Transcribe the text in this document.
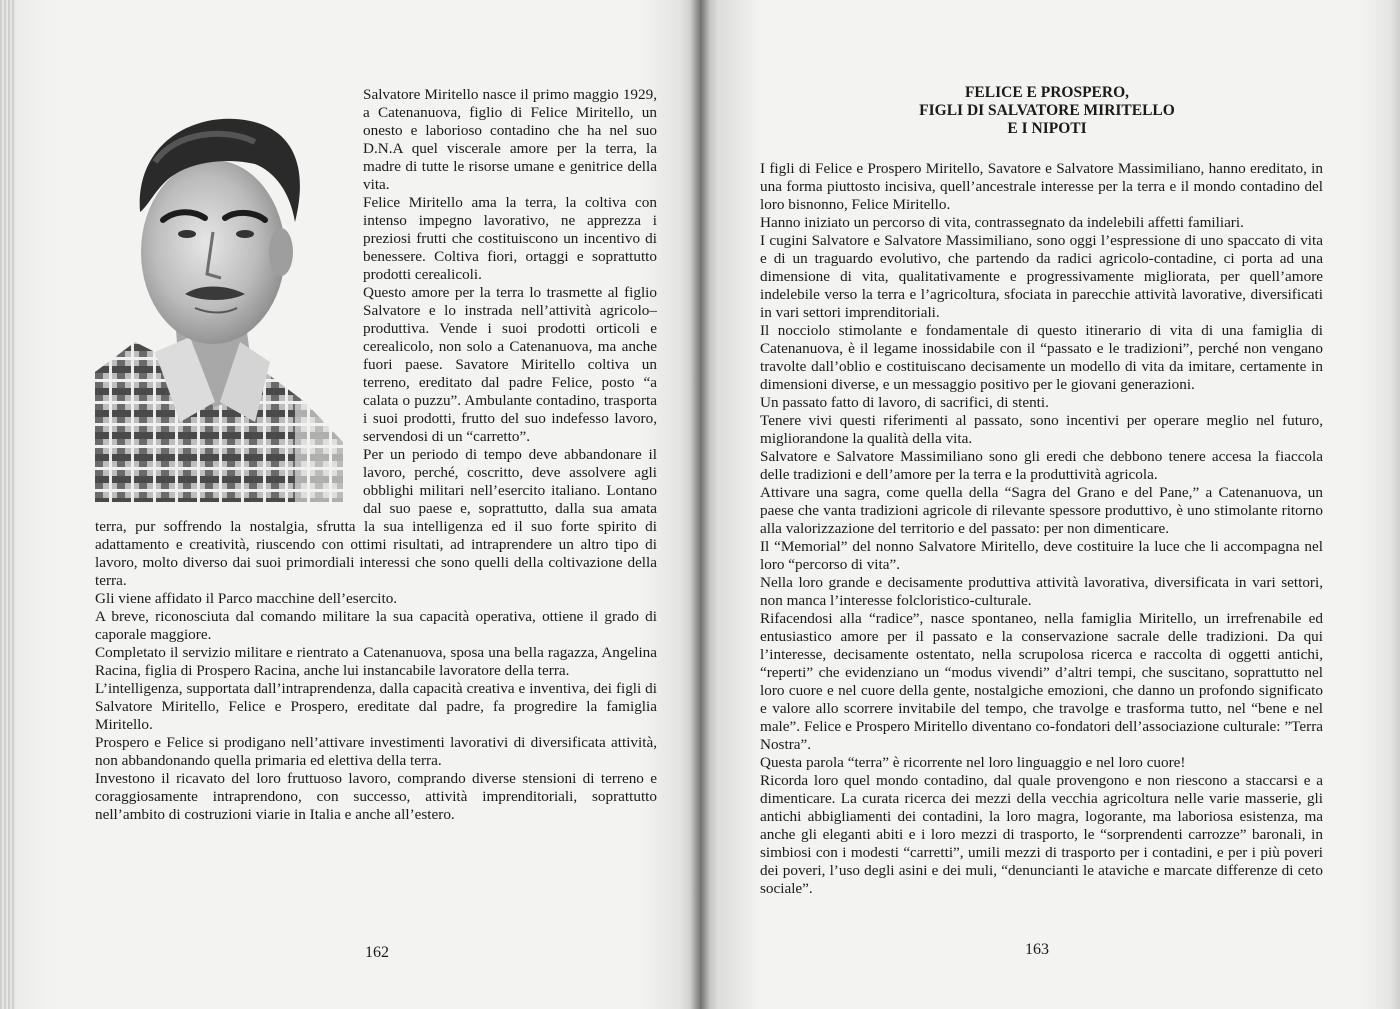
Salvatore Miritello nasce il primo maggio 1929, a Catenanuova, figlio di Felice Miritello, un onesto e laborioso contadino che ha nel suo D.N.A quel viscerale amore per la terra, la madre di tutte le risorse umane e genitrice della vita.

Felice Miritello ama la terra, la coltiva con intenso impegno lavorativo, ne apprezza i preziosi frutti che costituiscono un incentivo di benessere. Coltiva fiori, ortaggi e soprattutto prodotti cerealicoli.

Questo amore per la terra lo trasmette al figlio Salvatore e lo instrada nell’attività agricolo–produttiva. Vende i suoi prodotti orticoli e cerealicolo, non solo a Catenanuova, ma anche fuori paese. Savatore Miritello coltiva un terreno, ereditato dal padre Felice, posto “a calata o puzzu”. Ambulante contadino, trasporta i suoi prodotti, frutto del suo indefesso lavoro, servendosi di un “carretto”.

Per un periodo di tempo deve abbandonare il lavoro, perché, coscritto, deve assolvere agli obblighi militari nell’esercito italiano. Lontano dal suo paese e, soprattutto, dalla sua amata terra, pur soffrendo la nostalgia, sfrutta la sua intelligenza ed il suo forte spirito di adattamento e creatività, riuscendo con ottimi risultati, ad intraprendere un altro tipo di lavoro, molto diverso dai suoi primordiali interessi che sono quelli della coltivazione della terra.

Gli viene affidato il Parco macchine dell’esercito.

A breve, riconosciuta dal comando militare la sua capacità operativa, ottiene il grado di caporale maggiore.

Completato il servizio militare e rientrato a Catenanuova, sposa una bella ragazza, Angelina Racina, figlia di Prospero Racina, anche lui instancabile lavoratore della terra.

L’intelligenza, supportata dall’intraprendenza, dalla capacità creativa e inventiva, dei figli di Salvatore Miritello, Felice e Prospero, ereditate dal padre, fa progredire la famiglia Miritello.

Prospero e Felice si prodigano nell’attivare investimenti lavorativi di diversificata attività, non abbandonando quella primaria ed elettiva della terra.

Investono il ricavato del loro fruttuoso lavoro, comprando diverse stensioni di terreno e coraggiosamente intraprendono, con successo, attività imprenditoriali, soprattutto nell’ambito di costruzioni viarie in Italia e anche all’estero.

162
FELICE E PROSPERO,
FIGLI DI SALVATORE MIRITELLO
E I NIPOTI

I figli di Felice e Prospero Miritello, Savatore e Salvatore Massimiliano, hanno ereditato, in una forma piuttosto incisiva, quell’ancestrale interesse per la terra e il mondo contadino del loro bisnonno, Felice Miritello.

Hanno iniziato un percorso di vita, contrassegnato da indelebili affetti familiari.

I cugini Salvatore e Salvatore Massimiliano, sono oggi l’espressione di uno spaccato di vita e di un traguardo evolutivo, che partendo da radici agricolo-contadine, ci porta ad una dimensione di vita, qualitativamente e progressivamente migliorata, per quell’amore indelebile verso la terra e l’agricoltura, sfociata in parecchie attività lavorative, diversificati in vari settori imprenditoriali.

Il nocciolo stimolante e fondamentale di questo itinerario di vita di una famiglia di Catenanuova, è il legame inossidabile con il “passato e le tradizioni”, perché non vengano travolte dall’oblio e costituiscano decisamente un modello di vita da imitare, certamente in dimensioni diverse, e un messaggio positivo per le giovani generazioni.

Un passato fatto di lavoro, di sacrifici, di stenti.

Tenere vivi questi riferimenti al passato, sono incentivi per operare meglio nel futuro, migliorandone la qualità della vita.

Salvatore e Salvatore Massimiliano sono gli eredi che debbono tenere accesa la fiaccola delle tradizioni e dell’amore per la terra e la produttività agricola.

Attivare una sagra, come quella della “Sagra del Grano e del Pane,” a Catenanuova, un paese che vanta tradizioni agricole di rilevante spessore produttivo, è uno stimolante ritorno alla valorizzazione del territorio e del passato: per non dimenticare.

Il “Memorial” del nonno Salvatore Miritello, deve costituire la luce che li accompagna nel loro “percorso di vita”.

Nella loro grande e decisamente produttiva attività lavorativa, diversificata in vari settori, non manca l’interesse folcloristico-culturale.

Rifacendosi alla “radice”, nasce spontaneo, nella famiglia Miritello, un irrefrenabile ed entusiastico amore per il passato e la conservazione sacrale delle tradizioni. Da qui l’interesse, decisamente ostentato, nella scrupolosa ricerca e raccolta di oggetti antichi, “reperti” che evidenziano un “modus vivendi” d’altri tempi, che suscitano, soprattutto nel loro cuore e nel cuore della gente, nostalgiche emozioni, che danno un profondo significato e valore allo scorrere invitabile del tempo, che travolge e trasforma tutto, nel “bene e nel male”. Felice e Prospero Miritello diventano co-fondatori dell’associazione culturale: ”Terra Nostra”.

Questa parola “terra” è ricorrente nel loro linguaggio e nel loro cuore!

Ricorda loro quel mondo contadino, dal quale provengono e non riescono a staccarsi e a dimenticare. La curata ricerca dei mezzi della vecchia agricoltura nelle varie masserie, gli antichi abbigliamenti dei contadini, la loro magra, logorante, ma laboriosa esistenza, ma anche gli eleganti abiti e i loro mezzi di trasporto, le “sorprendenti carrozze” baronali, in simbiosi con i modesti “carretti”, umili mezzi di trasporto per i contadini, e per i più poveri dei poveri, l’uso degli asini e dei muli, “denuncianti le ataviche e marcate differenze di ceto sociale”.

163
